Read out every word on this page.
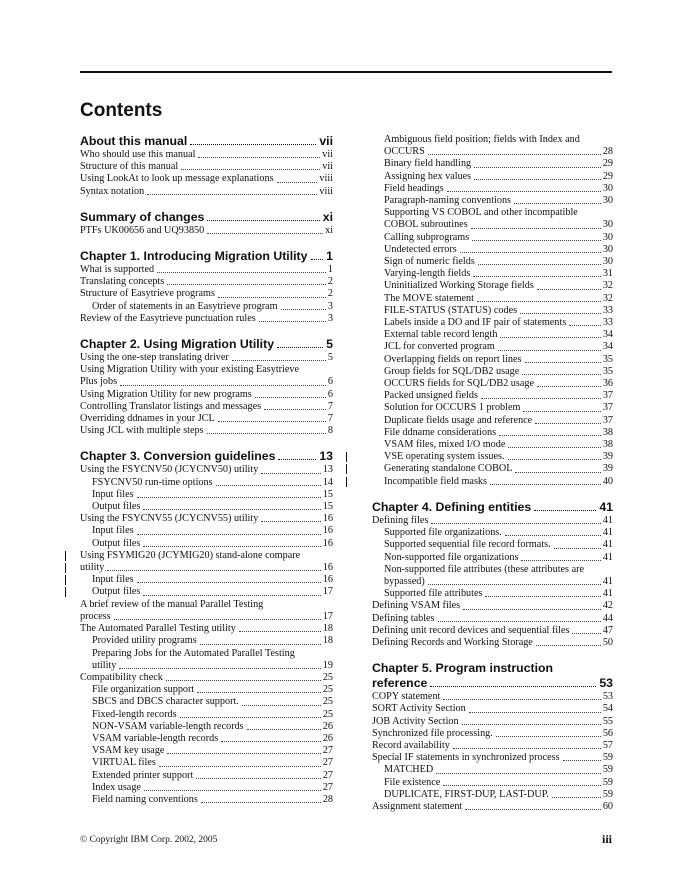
Contents
About this manual	vii
Who should use this manual	vii
Structure of this manual	vii
Using LookAt to look up message explanations	viii
Syntax notation	viii
Summary of changes	xi
PTFs UK00656 and UQ93850	xi
Chapter 1. Introducing Migration Utility 1
What is supported	1
Translating concepts	2
Structure of Easytrieve programs	2
Order of statements in an Easytrieve program	3
Review of the Easytrieve punctuation rules	3
Chapter 2. Using Migration Utility	5
Using the one-step translating driver	5
Using Migration Utility with your existing Easytrieve
Plus jobs	6
Using Migration Utility for new programs	6
Controlling Translator listings and messages	7
Overriding ddnames in your JCL	7
Using JCL with multiple steps	8
Chapter 3. Conversion guidelines	13
Using the FSYCNV50 (JCYCNV50) utility	13
FSYCNV50 run-time options	14
Input files	15
Output files	15
Using the FSYCNV55 (JCYCNV55) utility	16
Input files	16
Output files	16
Using FSYMIG20 (JCYMIG20) stand-alone compare
utility	16
Input files	16
Output files	17
A brief review of the manual Parallel Testing
process	17
The Automated Parallel Testing utility	18
Provided utility programs	18
Preparing Jobs for the Automated Parallel Testing
utility	19
Compatibility check	25
File organization support	25
SBCS and DBCS character support.	25
Fixed-length records	25
NON-VSAM variable-length records	26
VSAM variable-length records	26
VSAM key usage	27
VIRTUAL files	27
Extended printer support	27
Index usage	27
Field naming conventions	28
Ambiguous field position; fields with Index and
OCCURS	28
Binary field handling	29
Assigning hex values	29
Field headings	30
Paragraph-naming conventions	30
Supporting VS COBOL and other incompatible
COBOL subroutines	30
Calling subprograms	30
Undetected errors	30
Sign of numeric fields	30
Varying-length fields	31
Uninitialized Working Storage fields	32
The MOVE statement	32
FILE-STATUS (STATUS) codes	33
Labels inside a DO and IF pair of statements	33
External table record length	34
JCL for converted program	34
Overlapping fields on report lines	35
Group fields for SQL/DB2 usage	35
OCCURS fields for SQL/DB2 usage	36
Packed unsigned fields	37
Solution for OCCURS 1 problem	37
Duplicate fields usage and reference	37
File ddname considerations	38
VSAM files, mixed I/O mode	38
VSE operating system issues.	39
Generating standalone COBOL	39
Incompatible field masks	40
Chapter 4. Defining entities	41
Defining files	41
Supported file organizations.	41
Supported sequential file record formats.	41
Non-supported file organizations	41
Non-supported file attributes (these attributes are
bypassed)	41
Supported file attributes	41
Defining VSAM files	42
Defining tables	44
Defining unit record devices and sequential files	47
Defining Records and Working Storage	50
Chapter 5. Program instruction
reference	53
COPY statement	53
SORT Activity Section	54
JOB Activity Section	55
Synchronized file processing.	56
Record availability	57
Special IF statements in synchronized process	59
MATCHED	59
File existence	59
DUPLICATE, FIRST-DUP, LAST-DUP.	59
Assignment statement	60
© Copyright IBM Corp. 2002, 2005	iii
